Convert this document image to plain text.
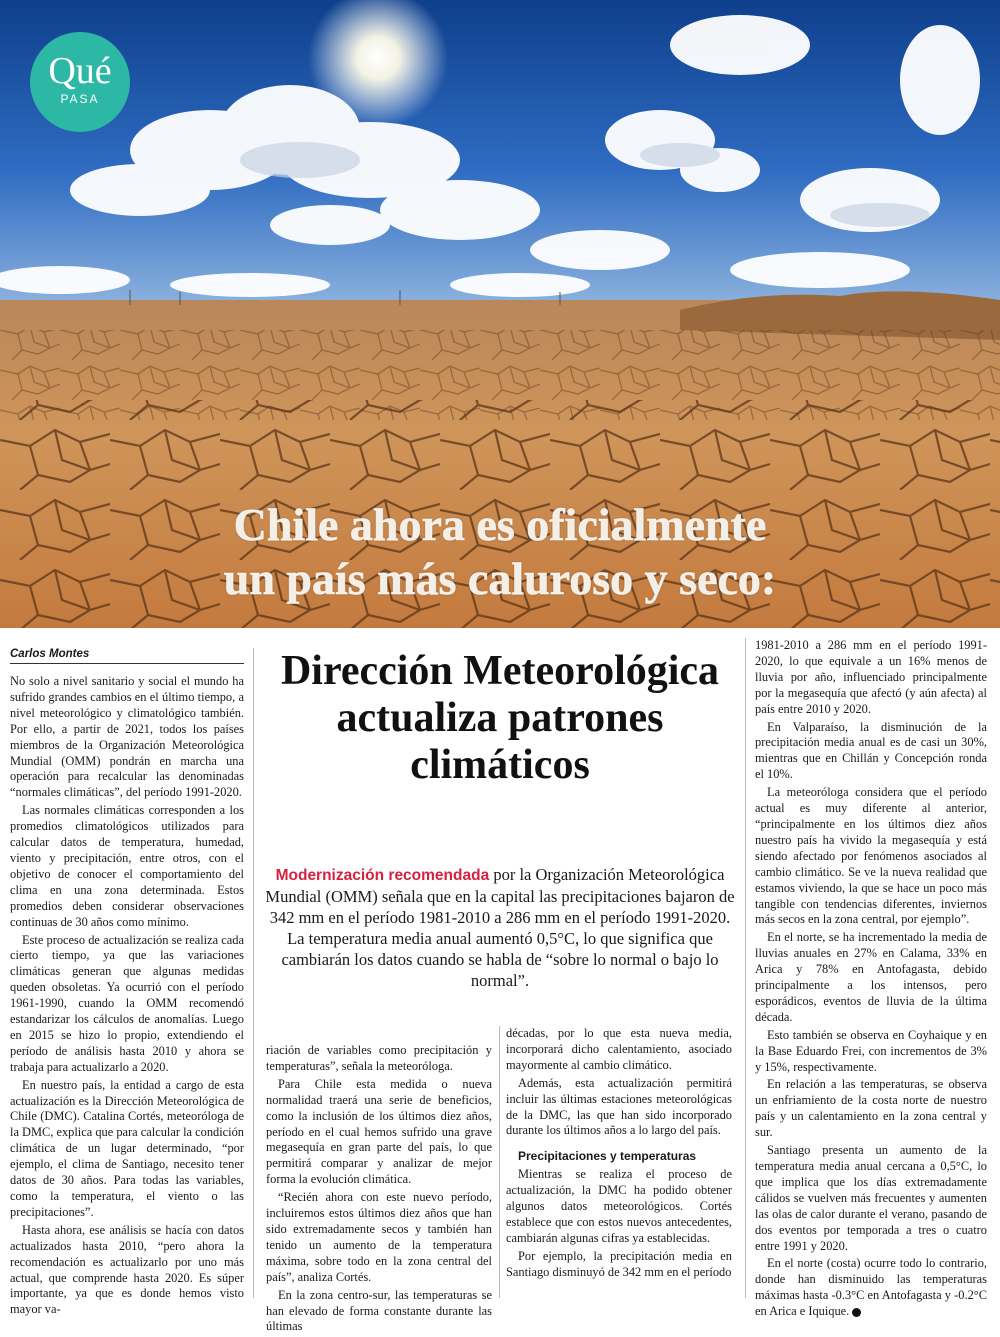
Qué
PASA
Chile ahora es oficialmente
un país más caluroso y seco:
Carlos Montes

No solo a nivel sanitario y social el mundo ha sufrido grandes cambios en el último tiempo, a nivel meteorológico y climatológico también. Por ello, a partir de 2021, todos los países miembros de la Organización Meteorológica Mundial (OMM) pondrán en marcha una operación para recalcular las denominadas “normales climáticas”, del período 1991-2020.

Las normales climáticas corresponden a los promedios climatológicos utilizados para calcular datos de temperatura, humedad, viento y precipitación, entre otros, con el objetivo de conocer el comportamiento del clima en una zona determinada. Estos promedios deben considerar observaciones continuas de 30 años como mínimo.

Este proceso de actualización se realiza cada cierto tiempo, ya que las variaciones climáticas generan que algunas medidas queden obsoletas. Ya ocurrió con el período 1961-1990, cuando la OMM recomendó estandarizar los cálculos de anomalías. Luego en 2015 se hizo lo propio, extendiendo el período de análisis hasta 2010 y ahora se trabaja para actualizarlo a 2020.

En nuestro país, la entidad a cargo de esta actualización es la Dirección Meteorológica de Chile (DMC). Catalina Cortés, meteoróloga de la DMC, explica que para calcular la condición climática de un lugar determinado, “por ejemplo, el clima de Santiago, necesito tener datos de 30 años. Para todas las variables, como la temperatura, el viento o las precipitaciones”.

Hasta ahora, ese análisis se hacía con datos actualizados hasta 2010, “pero ahora la recomendación es actualizarlo por uno más actual, que comprende hasta 2020. Es súper importante, ya que es donde hemos visto mayor va-

Dirección Meteorológica actualiza patrones climáticos
Modernización recomendada por la Organización Meteorológica Mundial (OMM) señala que en la capital las precipitaciones bajaron de 342 mm en el período 1981-2010 a 286 mm en el período 1991-2020. La temperatura media anual aumentó 0,5°C, lo que significa que cambiarán los datos cuando se habla de “sobre lo normal o bajo lo normal”.

riación de variables como precipitación y temperaturas”, señala la meteoróloga.

Para Chile esta medida o nueva normalidad traerá una serie de beneficios, como la inclusión de los últimos diez años, período en el cual hemos sufrido una grave megasequía en gran parte del país, lo que permitirá comparar y analizar de mejor forma la evolución climática.

“Recién ahora con este nuevo período, incluiremos estos últimos diez años que han sido extremadamente secos y también han tenido un aumento de la temperatura máxima, sobre todo en la zona central del país”, analiza Cortés.

En la zona centro-sur, las temperaturas se han elevado de forma constante durante las últimas

décadas, por lo que esta nueva media, incorporará dicho calentamiento, asociado mayormente al cambio climático.

Además, esta actualización permitirá incluir las últimas estaciones meteorológicas de la DMC, las que han sido incorporado durante los últimos años a lo largo del país.

Precipitaciones y temperaturas

Mientras se realiza el proceso de actualización, la DMC ha podido obtener algunos datos meteorológicos. Cortés establece que con estos nuevos antecedentes, cambiarán algunas cifras ya establecidas.

Por ejemplo, la precipitación media en Santiago disminuyó de 342 mm en el período

1981-2010 a 286 mm en el período 1991-2020, lo que equivale a un 16% menos de lluvia por año, influenciado principalmente por la megasequía que afectó (y aún afecta) al país entre 2010 y 2020.

En Valparaíso, la disminución de la precipitación media anual es de casi un 30%, mientras que en Chillán y Concepción ronda el 10%.

La meteoróloga considera que el período actual es muy diferente al anterior, “principalmente en los últimos diez años nuestro país ha vivido la megasequía y está siendo afectado por fenómenos asociados al cambio climático. Se ve la nueva realidad que estamos viviendo, la que se hace un poco más tangible con tendencias diferentes, inviernos más secos en la zona central, por ejemplo”.

En el norte, se ha incrementado la media de lluvias anuales en 27% en Calama, 33% en Arica y 78% en Antofagasta, debido principalmente a los intensos, pero esporádicos, eventos de lluvia de la última década.

Esto también se observa en Coyhaique y en la Base Eduardo Frei, con incrementos de 3% y 15%, respectivamente.

En relación a las temperaturas, se observa un enfriamiento de la costa norte de nuestro país y un calentamiento en la zona central y sur.

Santiago presenta un aumento de la temperatura media anual cercana a 0,5°C, lo que implica que los días extremadamente cálidos se vuelven más frecuentes y aumenten las olas de calor durante el verano, pasando de dos eventos por temporada a tres o cuatro entre 1991 y 2020.

En el norte (costa) ocurre todo lo contrario, donde han disminuido las temperaturas máximas hasta -0.3°C en Antofagasta y -0.2°C en Arica e Iquique.
